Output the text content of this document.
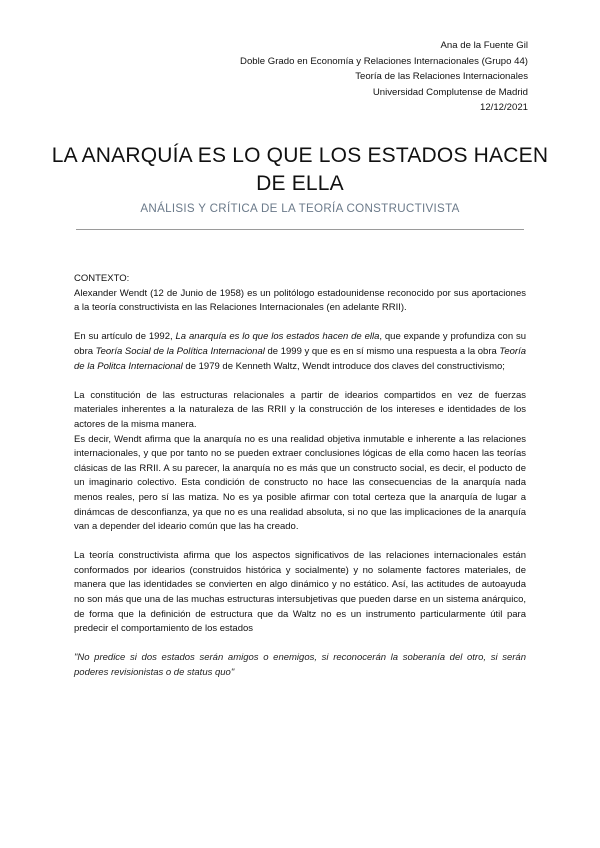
Ana de la Fuente Gil
Doble Grado en Economía y Relaciones Internacionales (Grupo 44)
Teoría de las Relaciones Internacionales
Universidad Complutense de Madrid
12/12/2021
LA ANARQUÍA ES LO QUE LOS ESTADOS HACEN DE ELLA
ANÁLISIS Y CRÍTICA DE LA TEORÍA CONSTRUCTIVISTA

CONTEXTO:

Alexander Wendt (12 de Junio de 1958) es un politólogo estadounidense reconocido por sus aportaciones a la teoría constructivista en las Relaciones Internacionales (en adelante RRII).

En su artículo de 1992, La anarquía es lo que los estados hacen de ella, que expande y profundiza con su obra Teoría Social de la Política Internacional de 1999 y que es en sí mismo una respuesta a la obra Teoría de la Politca Internacional de 1979 de Kenneth Waltz, Wendt introduce dos claves del constructivismo;

La constitución de las estructuras relacionales a partir de idearios compartidos en vez de fuerzas materiales inherentes a la naturaleza de las RRII y la construcción de los intereses e identidades de los actores de la misma manera.

Es decir, Wendt afirma que la anarquía no es una realidad objetiva inmutable e inherente a las relaciones internacionales, y que por tanto no se pueden extraer conclusiones lógicas de ella como hacen las teorías clásicas de las RRII. A su parecer, la anarquía no es más que un constructo social, es decir, el poducto de un imaginario colectivo. Esta condición de constructo no hace las consecuencias de la anarquía nada menos reales, pero sí las matiza. No es ya posible afirmar con total certeza que la anarquía de lugar a dinámcas de desconfianza, ya que no es una realidad absoluta, si no que las implicaciones de la anarquía van a depender del ideario común que las ha creado.

La teoría constructivista afirma que los aspectos significativos de las relaciones internacionales están conformados por idearios (construidos histórica y socialmente) y no solamente factores materiales, de manera que las identidades se convierten en algo dinámico y no estático. Así, las actitudes de autoayuda no son más que una de las muchas estructuras intersubjetivas que pueden darse en un sistema anárquico, de forma que la definición de estructura que da Waltz no es un instrumento particularmente útil para predecir el comportamiento de los estados

"No predice si dos estados serán amigos o enemigos, si reconocerán la soberanía del otro, si serán poderes revisionistas o de status quo"
